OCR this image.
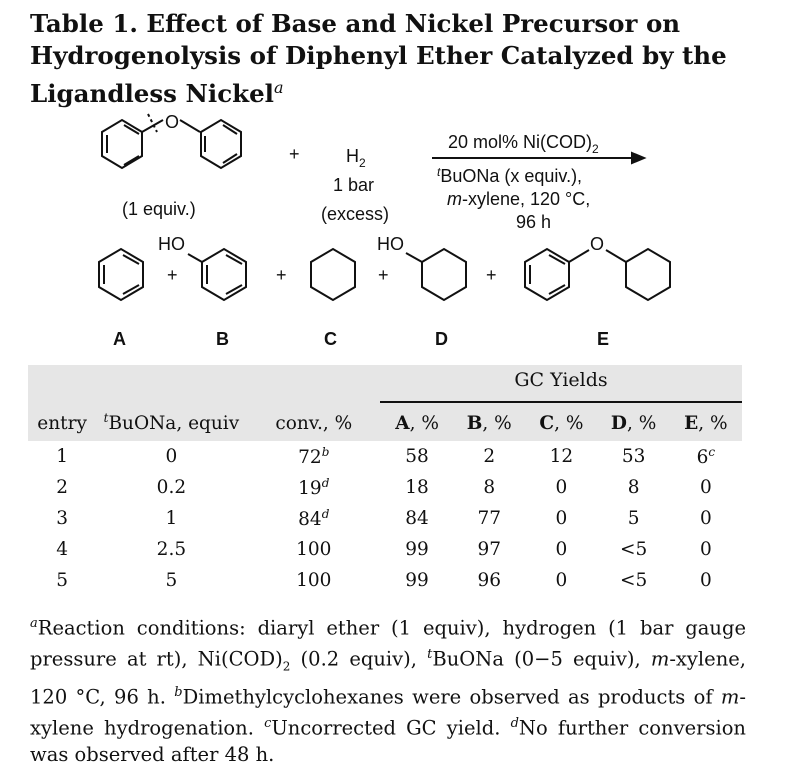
Table 1. Effect of Base and Nickel Precursor on Hydrogenolysis of Diphenyl Ether Catalyzed by the Ligandless Nickel$^a$
O
(1 equiv.)
+	$H_2$
1 bar
(excess)
20 mol% $Ni(COD)_2$
$^t$BuONa (x equiv.),
m-xylene, 120 °C,
96 h
HO	HO	O
+	+	+	+
A	B	C	D	E
GC Yields
entry	$^t$BuONa, equiv	conv., %	A, %	B, %	C, %	D, %	E, %
1	0	72$^b$	58	2	12	53	6$^c$
2	0.2	19$^d$	18	8	0	8	0
3	1	84$^d$	84	77	0	5	0
4	2.5	100	99	97	0	<5	0
5	5	100	99	96	0	<5	0

$^a$Reaction conditions: diaryl ether (1 equiv), hydrogen (1 bar gauge pressure at rt), $Ni(COD)_2$ (0.2 equiv), $^t$BuONa (0−5 equiv), m-xylene, 120 °C, 96 h. $^b$Dimethylcyclohexanes were observed as products of m-xylene hydrogenation. $^c$Uncorrected GC yield. $^d$No further conversion was observed after 48 h.
